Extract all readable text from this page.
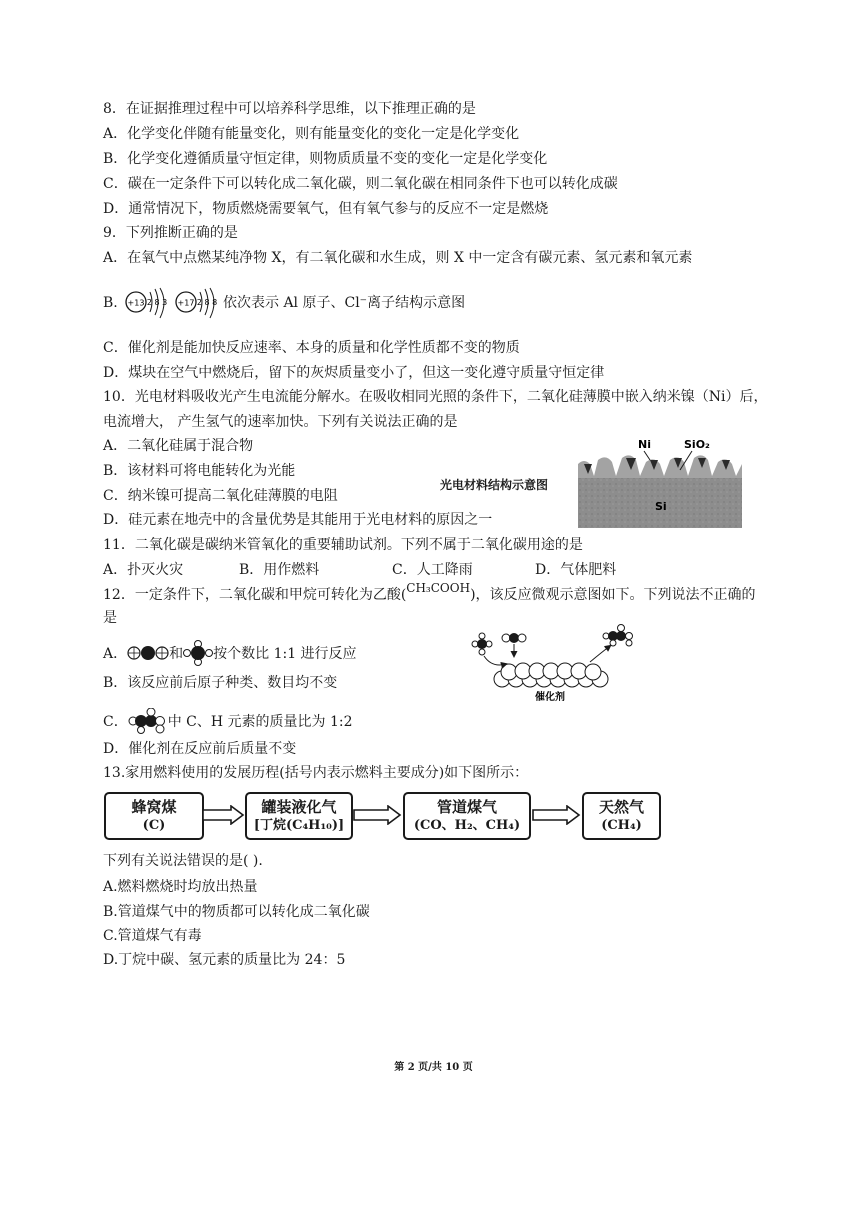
8．在证据推理过程中可以培养科学思维，以下推理正确的是
A．化学变化伴随有能量变化，则有能量变化的变化一定是化学变化
B．化学变化遵循质量守恒定律，则物质质量不变的变化一定是化学变化
C．碳在一定条件下可以转化成二氧化碳，则二氧化碳在相同条件下也可以转化成碳
D．通常情况下，物质燃烧需要氧气，但有氧气参与的反应不一定是燃烧
9．下列推断正确的是
A．在氧气中点燃某纯净物 X，有二氧化碳和水生成，则 X 中一定含有碳元素、氢元素和氧元素
B. +13 2 8 3 +17 2 8 8 依次表示 Al 原子、Cl⁻离子结构示意图
C．催化剂是能加快反应速率、本身的质量和化学性质都不变的物质
D．煤块在空气中燃烧后，留下的灰烬质量变小了，但这一变化遵守质量守恒定律
10．光电材料吸收光产生电流能分解水。在吸收相同光照的条件下，二氧化硅薄膜中嵌入纳米镍（Ni）后，
电流增大， 产生氢气的速率加快。下列有关说法正确的是
A．二氧化硅属于混合物
B．该材料可将电能转化为光能
C．纳米镍可提高二氧化硅薄膜的电阻
D．硅元素在地壳中的含量优势是其能用于光电材料的原因之一
光电材料结构示意图
Ni	SiO₂
Si
11．二氧化碳是碳纳米管氧化的重要辅助试剂。下列不属于二氧化碳用途的是
A．扑灭火灾	B．用作燃料	C．人工降雨	D．气体肥料
12．一定条件下，二氧化碳和甲烷可转化为乙酸(CH₃COOH)，该反应微观示意图如下。下列说法不正确的
是
A．	和 按个数比 1:1 进行反应
B．该反应前后原子种类、数目均不变
C．	中 C、H 元素的质量比为 1:2
D．催化剂在反应前后质量不变
催化剂
13.家用燃料使用的发展历程(括号内表示燃料主要成分)如下图所示：
蜂窝煤
(C)
罐装液化气
[丁烷(C₄H₁₀)]
管道煤气
(CO、H₂、CH₄)
天然气
(CH₄)
下列有关说法错误的是( ).
A.燃料燃烧时均放出热量
B.管道煤气中的物质都可以转化成二氧化碳
C.管道煤气有毒
D.丁烷中碳、氢元素的质量比为 24：5
第 2 页/共 10 页
